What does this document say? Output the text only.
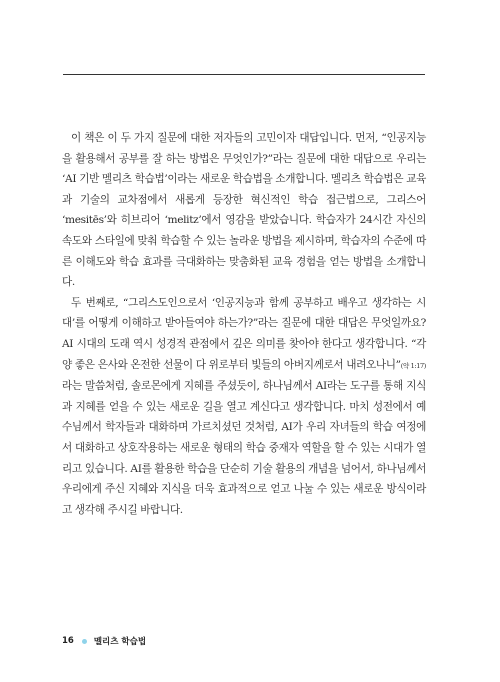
이 책은 이 두 가지 질문에 대한 저자들의 고민이자 대답입니다. 먼저, “인공지능을 활용해서 공부를 잘 하는 방법은 무엇인가?”라는 질문에 대한 대답으로 우리는 ‘AI 기반 멜리츠 학습법’이라는 새로운 학습법을 소개합니다. 멜리츠 학습법은 교육과 기술의 교차점에서 새롭게 등장한 혁신적인 학습 접근법으로, 그리스어 ‘mesitēs’와 히브리어 ‘melitz’에서 영감을 받았습니다. 학습자가 24시간 자신의 속도와 스타일에 맞춰 학습할 수 있는 놀라운 방법을 제시하며, 학습자의 수준에 따른 이해도와 학습 효과를 극대화하는 맞춤화된 교육 경험을 얻는 방법을 소개합니다.

두 번째로, “그리스도인으로서 ‘인공지능과 함께 공부하고 배우고 생각하는 시대’를 어떻게 이해하고 받아들여야 하는가?”라는 질문에 대한 대답은 무엇일까요? AI 시대의 도래 역시 성경적 관점에서 깊은 의미를 찾아야 한다고 생각합니다. “각양 좋은 은사와 온전한 선물이 다 위로부터 빛들의 아버지께로서 내려오나니”(약 1:17)라는 말씀처럼, 솔로몬에게 지혜를 주셨듯이, 하나님께서 AI라는 도구를 통해 지식과 지혜를 얻을 수 있는 새로운 길을 열고 계신다고 생각합니다. 마치 성전에서 예수님께서 학자들과 대화하며 가르치셨던 것처럼, AI가 우리 자녀들의 학습 여정에서 대화하고 상호작용하는 새로운 형태의 학습 중재자 역할을 할 수 있는 시대가 열리고 있습니다. AI를 활용한 학습을 단순히 기술 활용의 개념을 넘어서, 하나님께서 우리에게 주신 지혜와 지식을 더욱 효과적으로 얻고 나눌 수 있는 새로운 방식이라고 생각해 주시길 바랍니다.

16 멜리츠 학습법
